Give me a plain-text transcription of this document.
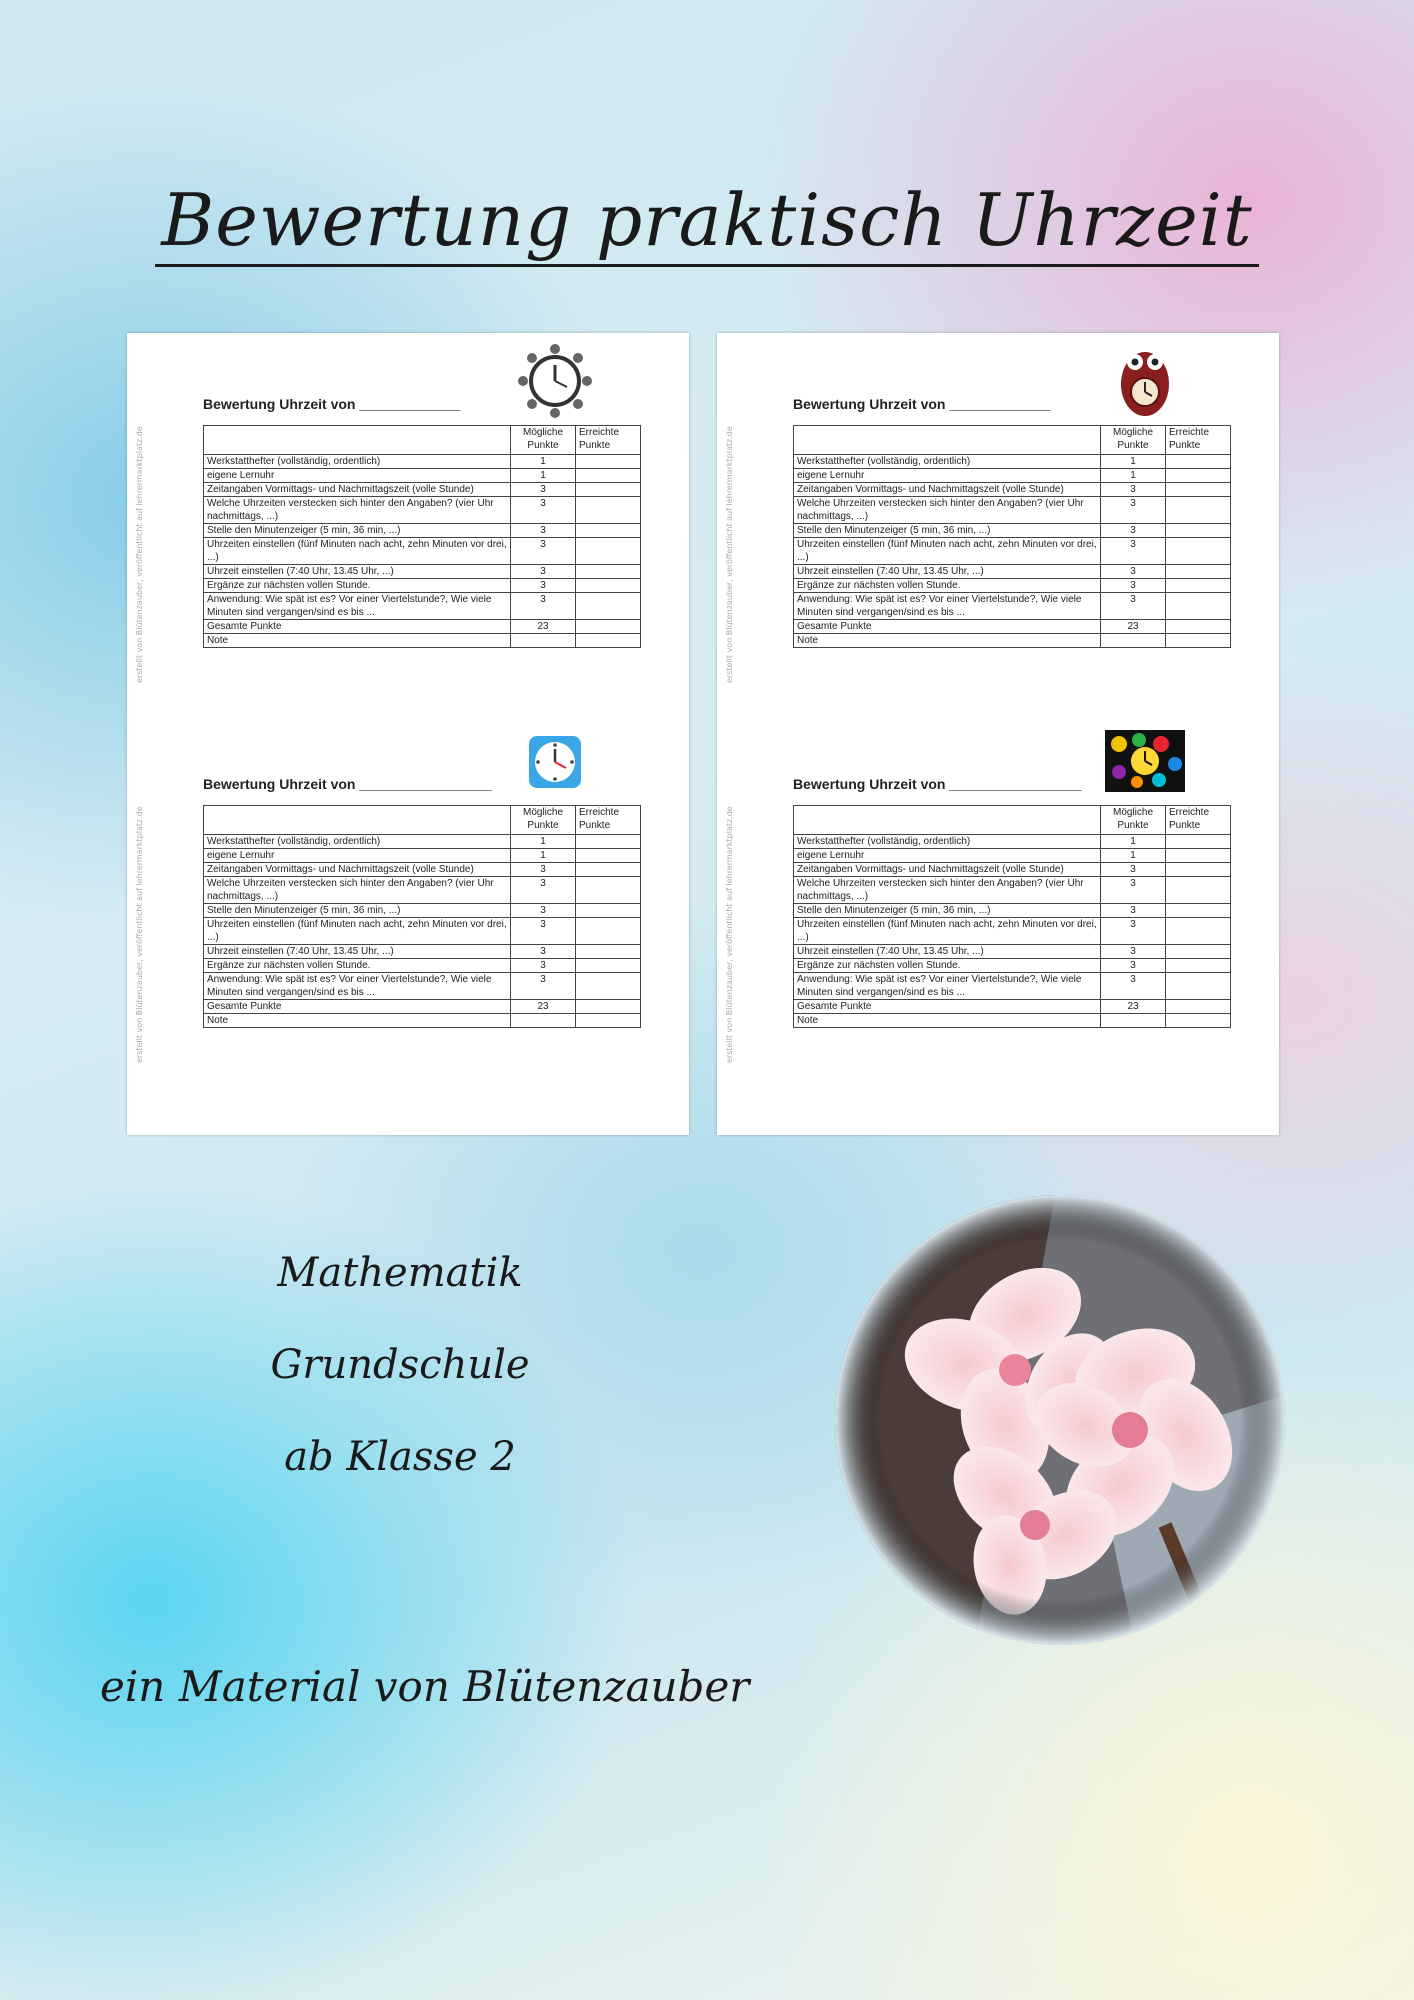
Bewertung praktisch Uhrzeit
erstellt von Blütenzauber, veröffentlicht auf lehrermarktplatz.de
Bewertung Uhrzeit von _____________
	Mögliche Punkte	Erreichte Punkte
Werkstatthefter (vollständig, ordentlich)	1	
eigene Lernuhr	1	
Zeitangaben Vormittags- und Nachmittagszeit (volle Stunde)	3	
Welche Uhrzeiten verstecken sich hinter den Angaben? (vier Uhr nachmittags, ...)	3	
Stelle den Minutenzeiger (5 min, 36 min, ...)	3	
Uhrzeiten einstellen (fünf Minuten nach acht, zehn Minuten vor drei, ...)	3	
Uhrzeit einstellen (7:40 Uhr, 13.45 Uhr, ...)	3	
Ergänze zur nächsten vollen Stunde.	3	
Anwendung: Wie spät ist es? Vor einer Viertelstunde?, Wie viele Minuten sind vergangen/sind es bis ...	3	
Gesamte Punkte	23	
Note		
erstellt von Blütenzauber, veröffentlicht auf lehrermarktplatz.de
Bewertung Uhrzeit von _________________
	Mögliche Punkte	Erreichte Punkte
Werkstatthefter (vollständig, ordentlich)	1	
eigene Lernuhr	1	
Zeitangaben Vormittags- und Nachmittagszeit (volle Stunde)	3	
Welche Uhrzeiten verstecken sich hinter den Angaben? (vier Uhr nachmittags, ...)	3	
Stelle den Minutenzeiger (5 min, 36 min, ...)	3	
Uhrzeiten einstellen (fünf Minuten nach acht, zehn Minuten vor drei, ...)	3	
Uhrzeit einstellen (7:40 Uhr, 13.45 Uhr, ...)	3	
Ergänze zur nächsten vollen Stunde.	3	
Anwendung: Wie spät ist es? Vor einer Viertelstunde?, Wie viele Minuten sind vergangen/sind es bis ...	3	
Gesamte Punkte	23	
Note		
erstellt von Blütenzauber, veröffentlicht auf lehrermarktplatz.de
Bewertung Uhrzeit von _____________
	Mögliche Punkte	Erreichte Punkte
Werkstatthefter (vollständig, ordentlich)	1	
eigene Lernuhr	1	
Zeitangaben Vormittags- und Nachmittagszeit (volle Stunde)	3	
Welche Uhrzeiten verstecken sich hinter den Angaben? (vier Uhr nachmittags, ...)	3	
Stelle den Minutenzeiger (5 min, 36 min, ...)	3	
Uhrzeiten einstellen (fünf Minuten nach acht, zehn Minuten vor drei, ...)	3	
Uhrzeit einstellen (7:40 Uhr, 13.45 Uhr, ...)	3	
Ergänze zur nächsten vollen Stunde.	3	
Anwendung: Wie spät ist es? Vor einer Viertelstunde?, Wie viele Minuten sind vergangen/sind es bis ...	3	
Gesamte Punkte	23	
Note		
erstellt von Blütenzauber, veröffentlicht auf lehrermarktplatz.de
Bewertung Uhrzeit von _________________
	Mögliche Punkte	Erreichte Punkte
Werkstatthefter (vollständig, ordentlich)	1	
eigene Lernuhr	1	
Zeitangaben Vormittags- und Nachmittagszeit (volle Stunde)	3	
Welche Uhrzeiten verstecken sich hinter den Angaben? (vier Uhr nachmittags, ...)	3	
Stelle den Minutenzeiger (5 min, 36 min, ...)	3	
Uhrzeiten einstellen (fünf Minuten nach acht, zehn Minuten vor drei, ...)	3	
Uhrzeit einstellen (7:40 Uhr, 13.45 Uhr, ...)	3	
Ergänze zur nächsten vollen Stunde.	3	
Anwendung: Wie spät ist es? Vor einer Viertelstunde?, Wie viele Minuten sind vergangen/sind es bis ...	3	
Gesamte Punkte	23	
Note		
Mathematik
Grundschule
ab Klasse 2
ein Material von Blütenzauber
